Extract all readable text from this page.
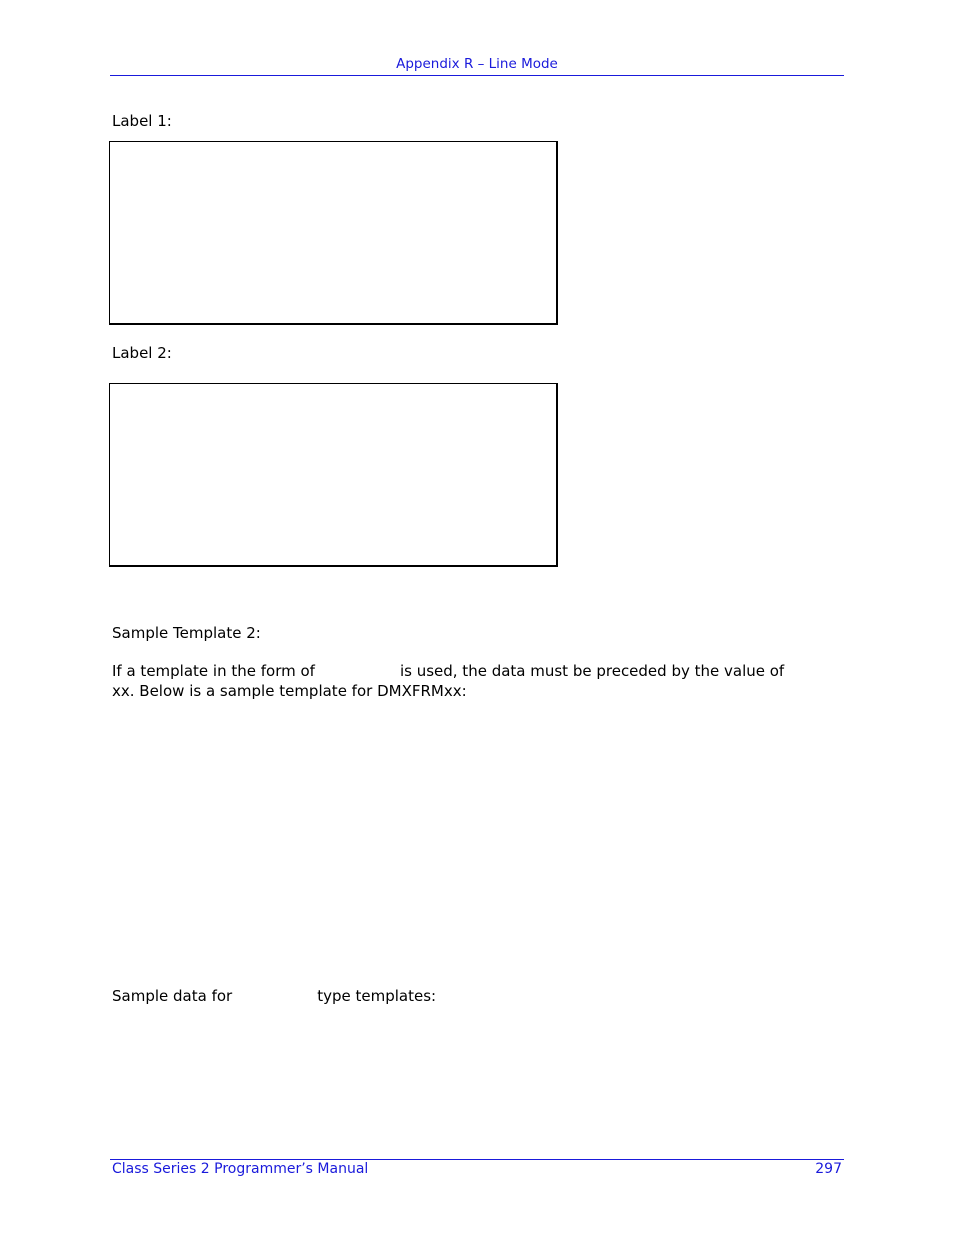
Appendix R – Line Mode
Label 1:
Label 2:
Sample Template 2:
If a template in the form of	is used, the data must be preceded by the value of
xx. Below is a sample template for DMXFRMxx:
Sample data for	type templates:
Class Series 2 Programmer’s Manual	297
